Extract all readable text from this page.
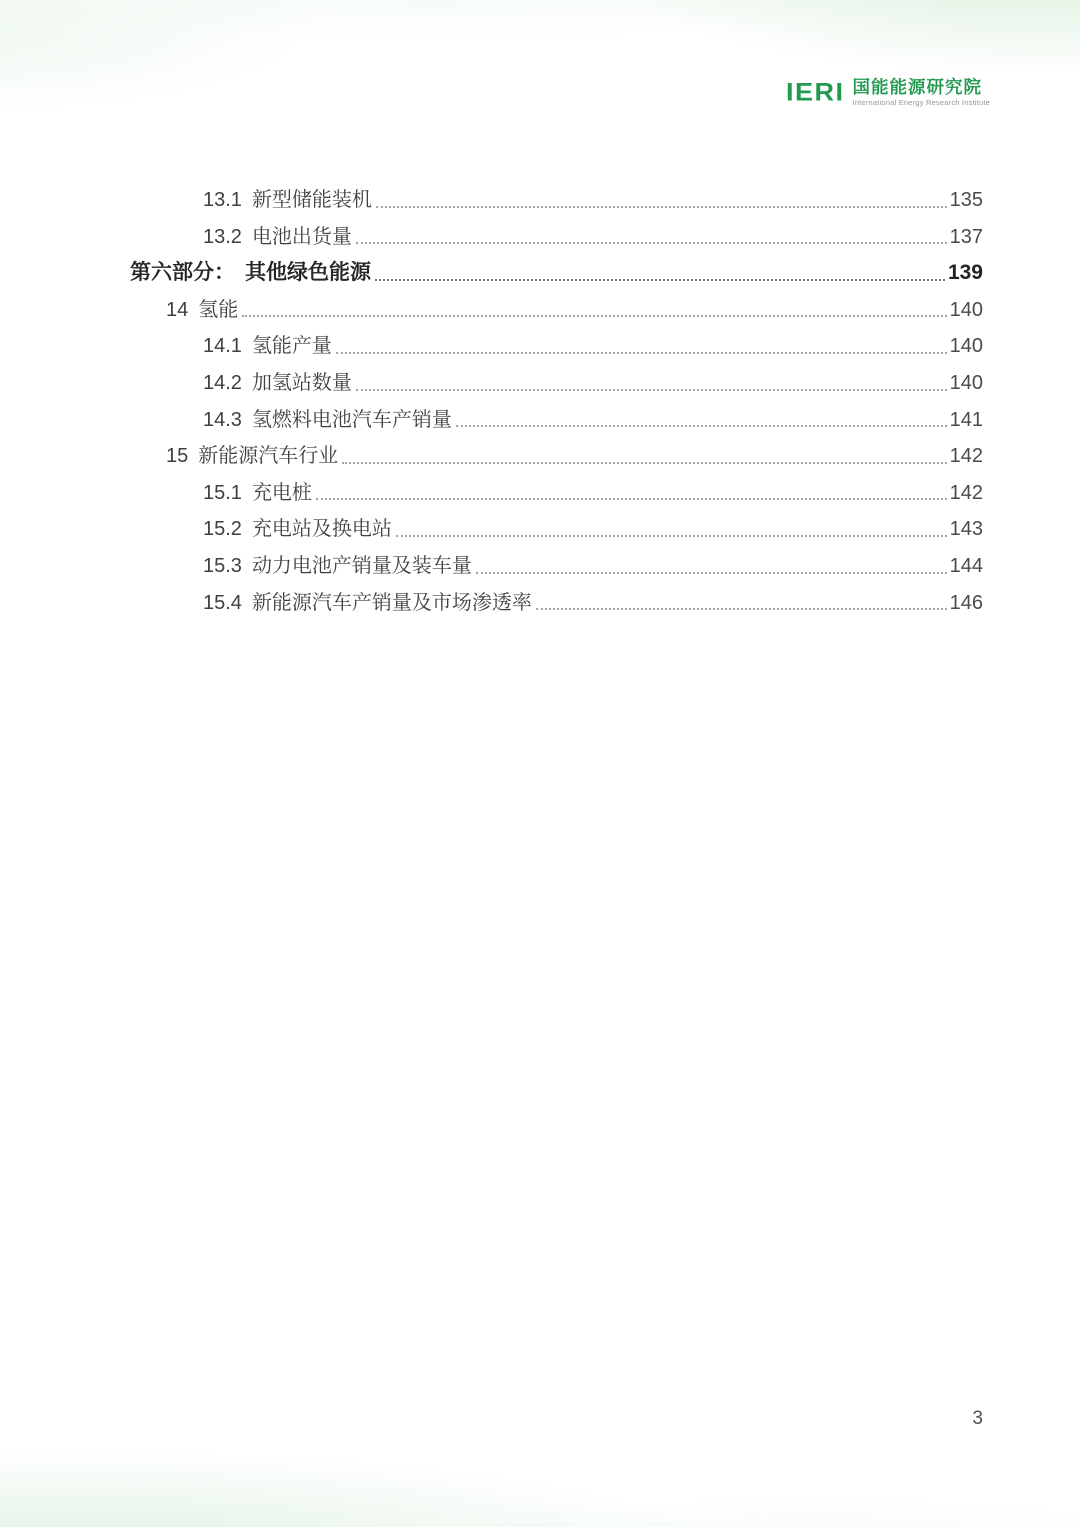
IERI 国能能源研究院
International Energy Research Institute
13.1 新型储能装机	135
13.2 电池出货量	137
第六部分： 其他绿色能源	139
14 氢能	140
14.1 氢能产量	140
14.2 加氢站数量	140
14.3 氢燃料电池汽车产销量	141
15 新能源汽车行业	142
15.1 充电桩	142
15.2 充电站及换电站	143
15.3 动力电池产销量及装车量	144
15.4 新能源汽车产销量及市场渗透率	146
3
